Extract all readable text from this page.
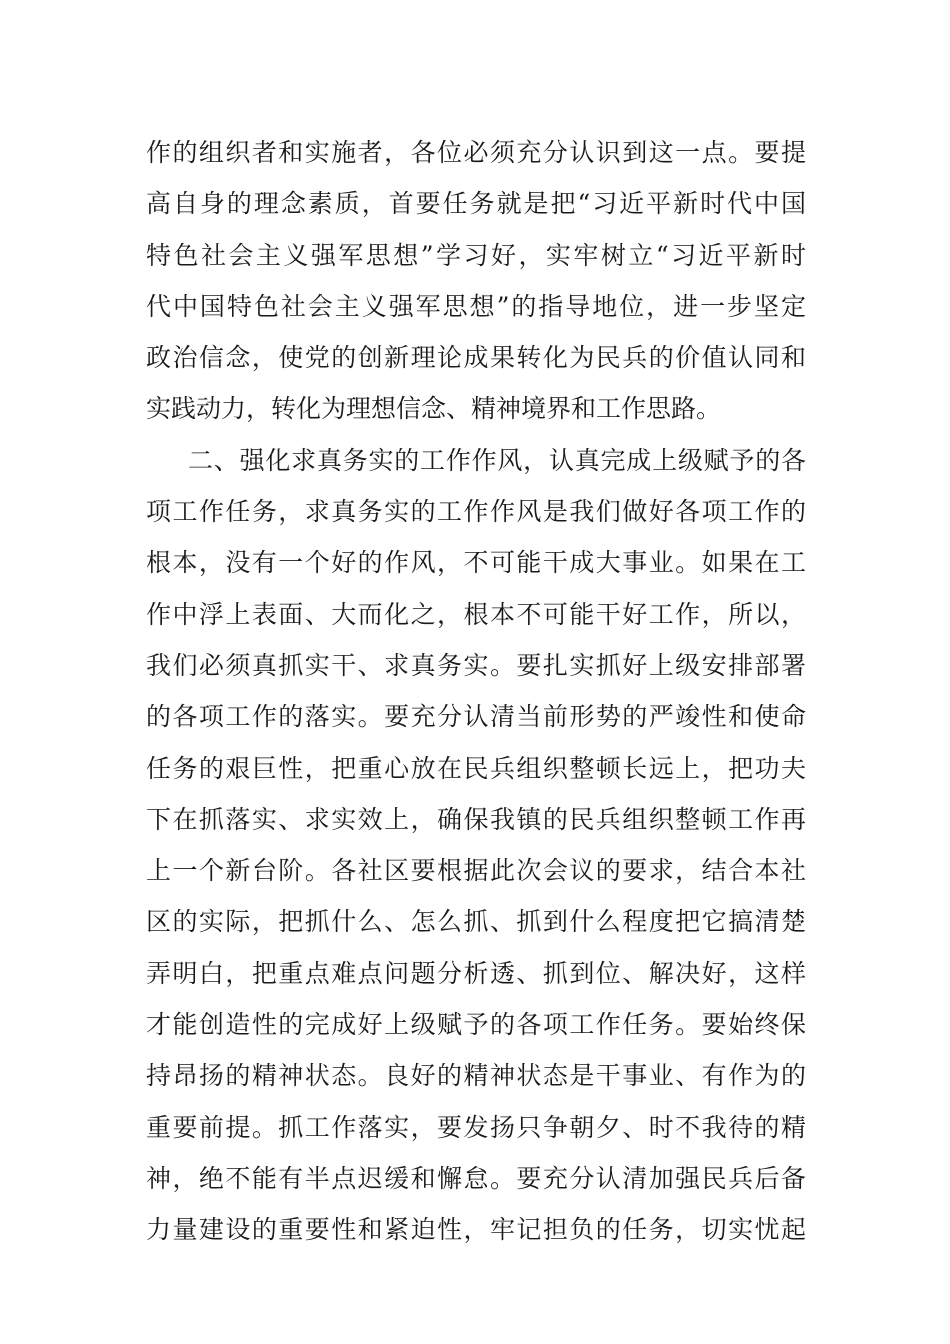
作的组织者和实施者，各位必须充分认识到这一点。要提
高自身的理念素质，首要任务就是把“习近平新时代中国
特色社会主义强军思想”学习好，实牢树立“习近平新时
代中国特色社会主义强军思想”的指导地位，进一步坚定
政治信念，使党的创新理论成果转化为民兵的价值认同和
实践动力，转化为理想信念、精神境界和工作思路。
二、强化求真务实的工作作风，认真完成上级赋予的各
项工作任务，求真务实的工作作风是我们做好各项工作的
根本，没有一个好的作风，不可能干成大事业。如果在工
作中浮上表面、大而化之，根本不可能干好工作，所以，
我们必须真抓实干、求真务实。要扎实抓好上级安排部署
的各项工作的落实。要充分认清当前形势的严竣性和使命
任务的艰巨性，把重心放在民兵组织整顿长远上，把功夫
下在抓落实、求实效上，确保我镇的民兵组织整顿工作再
上一个新台阶。各社区要根据此次会议的要求，结合本社
区的实际，把抓什么、怎么抓、抓到什么程度把它搞清楚
弄明白，把重点难点问题分析透、抓到位、解决好，这样
才能创造性的完成好上级赋予的各项工作任务。要始终保
持昂扬的精神状态。良好的精神状态是干事业、有作为的
重要前提。抓工作落实，要发扬只争朝夕、时不我待的精
神，绝不能有半点迟缓和懈怠。要充分认清加强民兵后备
力量建设的重要性和紧迫性，牢记担负的任务，切实忧起
